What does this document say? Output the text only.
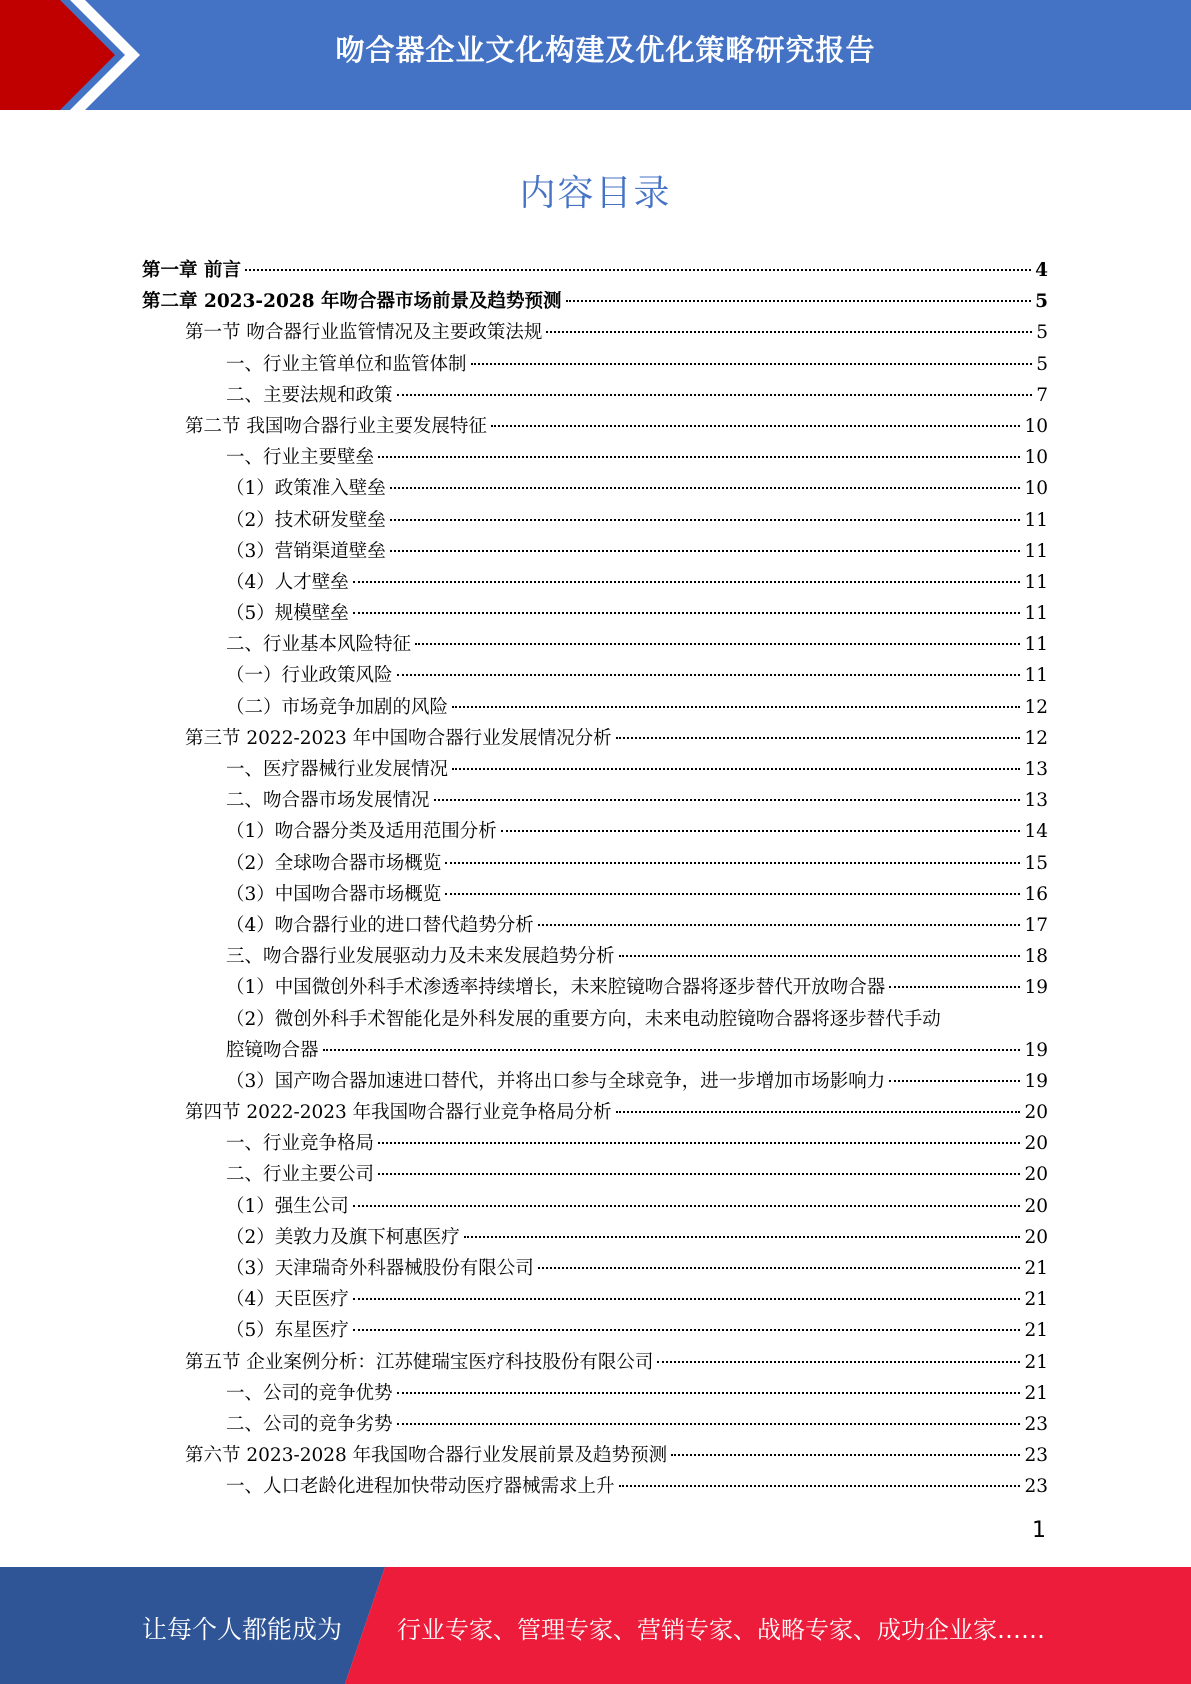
吻合器企业文化构建及优化策略研究报告
内容目录
第一章 前言	4
第二章 2023-2028 年吻合器市场前景及趋势预测	5
第一节 吻合器行业监管情况及主要政策法规	5
一、行业主管单位和监管体制	5
二、主要法规和政策	7
第二节 我国吻合器行业主要发展特征	10
一、行业主要壁垒	10
（1）政策准入壁垒	10
（2）技术研发壁垒	11
（3）营销渠道壁垒	11
（4）人才壁垒	11
（5）规模壁垒	11
二、行业基本风险特征	11
（一）行业政策风险	11
（二）市场竞争加剧的风险	12
第三节 2022-2023 年中国吻合器行业发展情况分析	12
一、医疗器械行业发展情况	13
二、吻合器市场发展情况	13
（1）吻合器分类及适用范围分析	14
（2）全球吻合器市场概览	15
（3）中国吻合器市场概览	16
（4）吻合器行业的进口替代趋势分析	17
三、吻合器行业发展驱动力及未来发展趋势分析	18
（1）中国微创外科手术渗透率持续增长，未来腔镜吻合器将逐步替代开放吻合器	19
（2）微创外科手术智能化是外科发展的重要方向，未来电动腔镜吻合器将逐步替代手动
腔镜吻合器	19
（3）国产吻合器加速进口替代，并将出口参与全球竞争，进一步增加市场影响力	19
第四节 2022-2023 年我国吻合器行业竞争格局分析	20
一、行业竞争格局	20
二、行业主要公司	20
（1）强生公司	20
（2）美敦力及旗下柯惠医疗	20
（3）天津瑞奇外科器械股份有限公司	21
（4）天臣医疗	21
（5）东星医疗	21
第五节 企业案例分析：江苏健瑞宝医疗科技股份有限公司	21
一、公司的竞争优势	21
二、公司的竞争劣势	23
第六节 2023-2028 年我国吻合器行业发展前景及趋势预测	23
一、人口老龄化进程加快带动医疗器械需求上升	23
1
让每个人都能成为 行业专家、管理专家、营销专家、战略专家、成功企业家……
